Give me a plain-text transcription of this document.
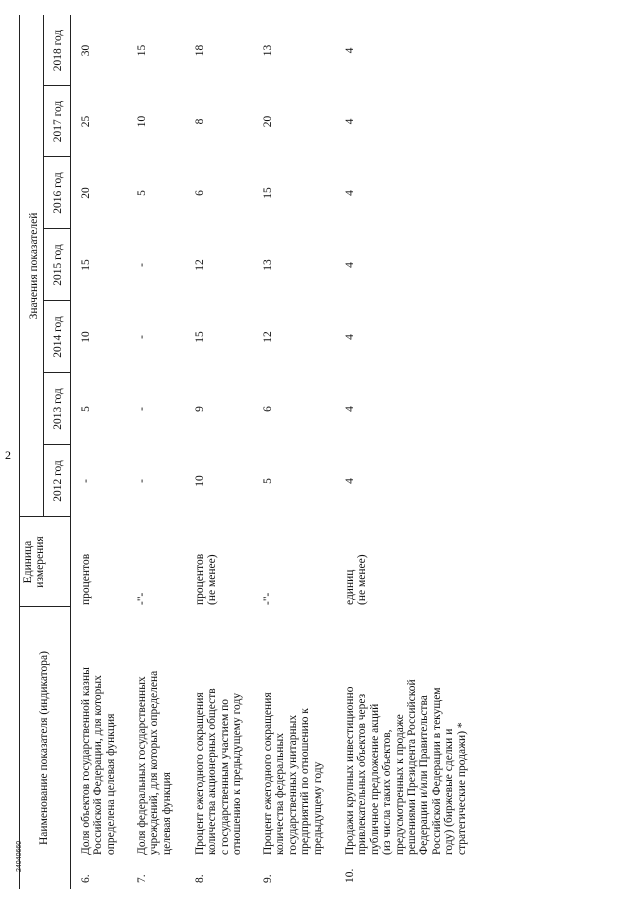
2
Наименование показателя (индикатора)
Единица
измерения
Значения показателей
2012 год
2013 год
2014 год
2015 год
2016 год
2017 год
2018 год
6.
Доля объектов государственной казны
Российской Федерации, для которых
определена целевая функция
процентов
-
5
10
15
20
25
30
7.
Доля федеральных государственных
учреждений, для которых определена
целевая функция
-"-
-
-
-
-
5
10
15
8.
Процент ежегодного сокращения
количества акционерных обществ
с государственным участием по
отношению к предыдущему году
процентов
(не менее)
10
9
15
12
6
8
18
9.
Процент ежегодного сокращения
количества федеральных
государственных унитарных
предприятий по отношению к
предыдущему году
-"-
5
6
12
13
15
20
13
10.
Продажи крупных инвестиционно
привлекательных объектов через
публичное предложение акций
(из числа таких объектов,
предусмотренных к продаже
решениями Президента Российской
Федерации и/или Правительства
Российской Федерации в текущем
году) (биржевые сделки и
стратегические продажи) *
единиц
(не менее)
4
4
4
4
4
4
4
24040660
